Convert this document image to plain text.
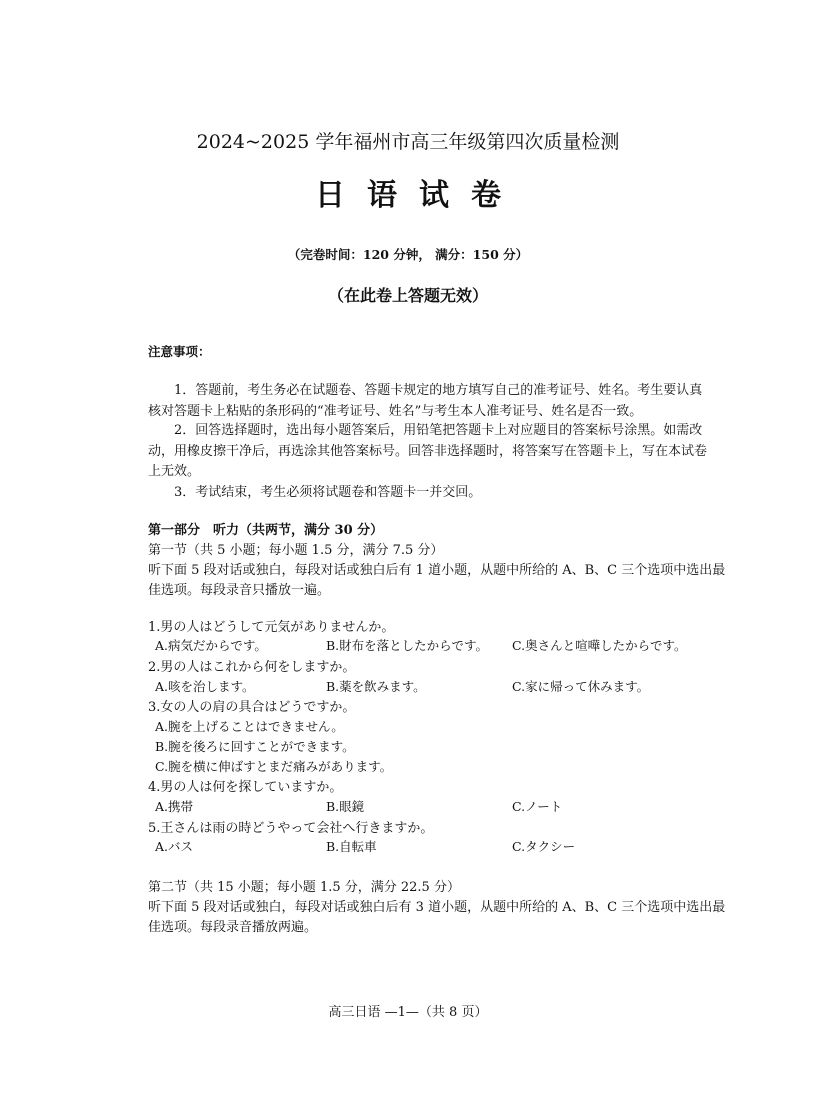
2024~2025 学年福州市高三年级第四次质量检测
日语试卷
（完卷时间：120 分钟， 满分：150 分）
（在此卷上答题无效）
注意事项：
1．答题前，考生务必在试题卷、答题卡规定的地方填写自己的准考证号、姓名。考生要认真
核对答题卡上粘贴的条形码的“准考证号、姓名”与考生本人准考证号、姓名是否一致。
2．回答选择题时，选出每小题答案后，用铅笔把答题卡上对应题目的答案标号涂黑。如需改
动，用橡皮擦干净后，再选涂其他答案标号。回答非选择题时，将答案写在答题卡上，写在本试卷
上无效。
3．考试结束，考生必须将试题卷和答题卡一并交回。
第一部分　听力（共两节，满分 30 分）
第一节（共 5 小题；每小题 1.5 分，满分 7.5 分）
听下面 5 段对话或独白，每段对话或独白后有 1 道小题，从题中所给的 A、B、C 三个选项中选出最
佳选项。每段录音只播放一遍。
1.男の人はどうして元気がありませんか。
A.病気だからです。	B.財布を落としたからです。 C.奥さんと喧嘩したからです。
2.男の人はこれから何をしますか。
A.咳を治します。	B.薬を飲みます。	C.家に帰って休みます。
3.女の人の肩の具合はどうですか。
A.腕を上げることはできません。
B.腕を後ろに回すことができます。
C.腕を横に伸ばすとまだ痛みがあります。
4.男の人は何を探していますか。
A.携帯	B.眼鏡	C.ノート
5.王さんは雨の時どうやって会社へ行きますか。
A.バス	B.自転車	C.タクシー
第二节（共 15 小题；每小题 1.5 分，满分 22.5 分）
听下面 5 段对话或独白，每段对话或独白后有 3 道小题，从题中所给的 A、B、C 三个选项中选出最
佳选项。每段录音播放两遍。
高三日语 —1—（共 8 页）
